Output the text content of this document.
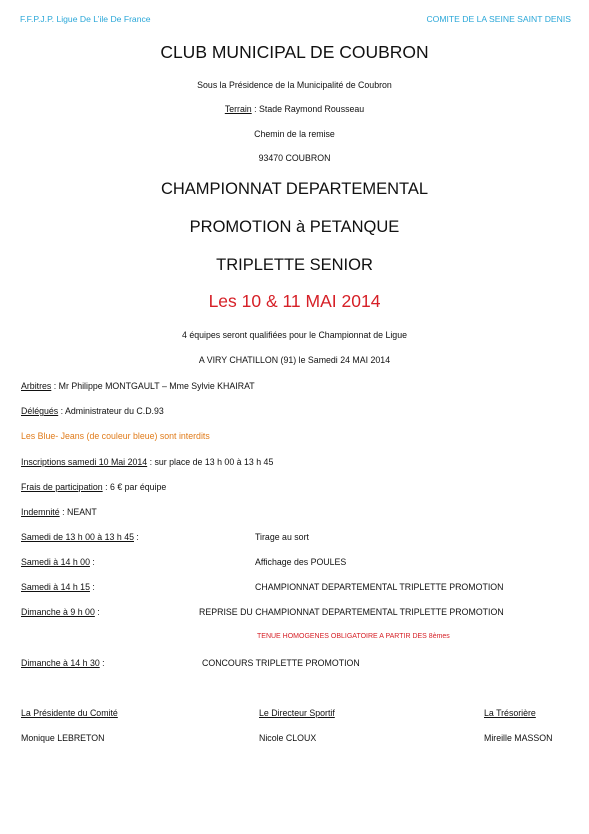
F.F.P.J.P. Ligue De L’ile De France	COMITE DE LA SEINE SAINT DENIS
CLUB MUNICIPAL DE COUBRON
Sous la Présidence de la Municipalité de Coubron
Terrain : Stade Raymond Rousseau
Chemin de la remise
93470 COUBRON
CHAMPIONNAT DEPARTEMENTAL
PROMOTION à PETANQUE
TRIPLETTE SENIOR
Les 10 & 11 MAI 2014
4 équipes seront qualifiées pour le Championnat de Ligue
A VIRY CHATILLON (91) le Samedi 24 MAI 2014
Arbitres : Mr Philippe MONTGAULT – Mme Sylvie KHAIRAT
Délégués : Administrateur du C.D.93
Les Blue- Jeans (de couleur bleue) sont interdits
Inscriptions samedi 10 Mai 2014 : sur place de 13 h 00 à 13 h 45
Frais de participation : 6 € par équipe
Indemnité : NEANT
Samedi de 13 h 00 à 13 h 45 :	Tirage au sort
Samedi à 14 h 00 :	Affichage des POULES
Samedi à 14 h 15 :	CHAMPIONNAT DEPARTEMENTAL TRIPLETTE PROMOTION
Dimanche à 9 h 00 :	REPRISE DU CHAMPIONNAT DEPARTEMENTAL TRIPLETTE PROMOTION
TENUE HOMOGENES OBLIGATOIRE A PARTIR DES 8èmes
Dimanche à 14 h 30 :	CONCOURS TRIPLETTE PROMOTION
La Présidente du Comité	Le Directeur Sportif	La Trésorière
Monique LEBRETON	Nicole CLOUX	Mireille MASSON
